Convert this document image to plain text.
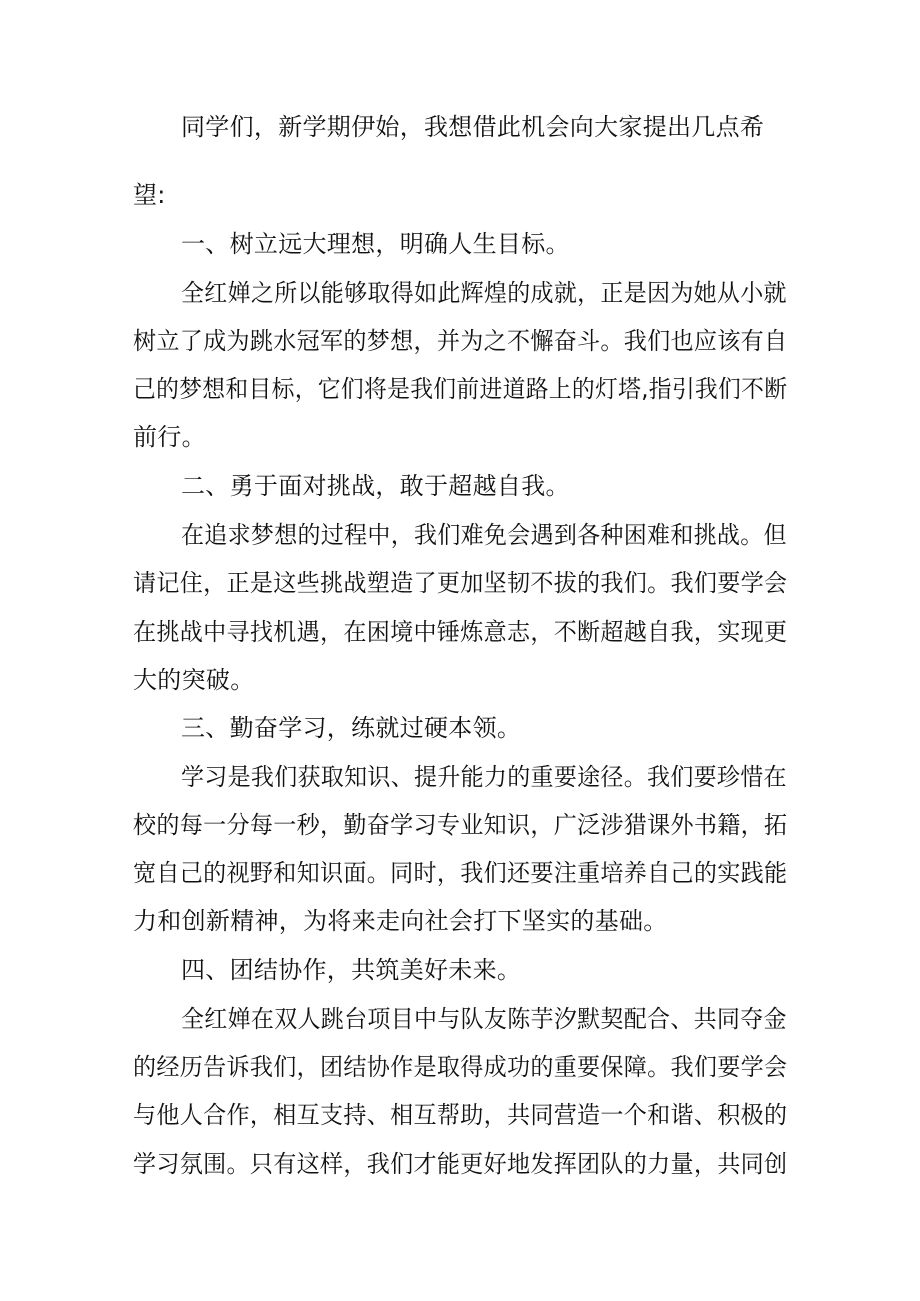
同学们，新学期伊始，我想借此机会向大家提出几点希
望:
一、树立远大理想，明确人生目标。
全红婵之所以能够取得如此辉煌的成就，正是因为她从小就
树立了成为跳水冠军的梦想，并为之不懈奋斗。我们也应该有自
己的梦想和目标，它们将是我们前进道路上的灯塔,指引我们不断
前行。
二、勇于面对挑战，敢于超越自我。
在追求梦想的过程中，我们难免会遇到各种困难和挑战。但
请记住，正是这些挑战塑造了更加坚韧不拔的我们。我们要学会
在挑战中寻找机遇，在困境中锤炼意志，不断超越自我，实现更
大的突破。
三、勤奋学习，练就过硬本领。
学习是我们获取知识、提升能力的重要途径。我们要珍惜在
校的每一分每一秒，勤奋学习专业知识，广泛涉猎课外书籍，拓
宽自己的视野和知识面。同时，我们还要注重培养自己的实践能
力和创新精神，为将来走向社会打下坚实的基础。
四、团结协作，共筑美好未来。
全红婵在双人跳台项目中与队友陈芋汐默契配合、共同夺金
的经历告诉我们，团结协作是取得成功的重要保障。我们要学会
与他人合作，相互支持、相互帮助，共同营造一个和谐、积极的
学习氛围。只有这样，我们才能更好地发挥团队的力量，共同创
